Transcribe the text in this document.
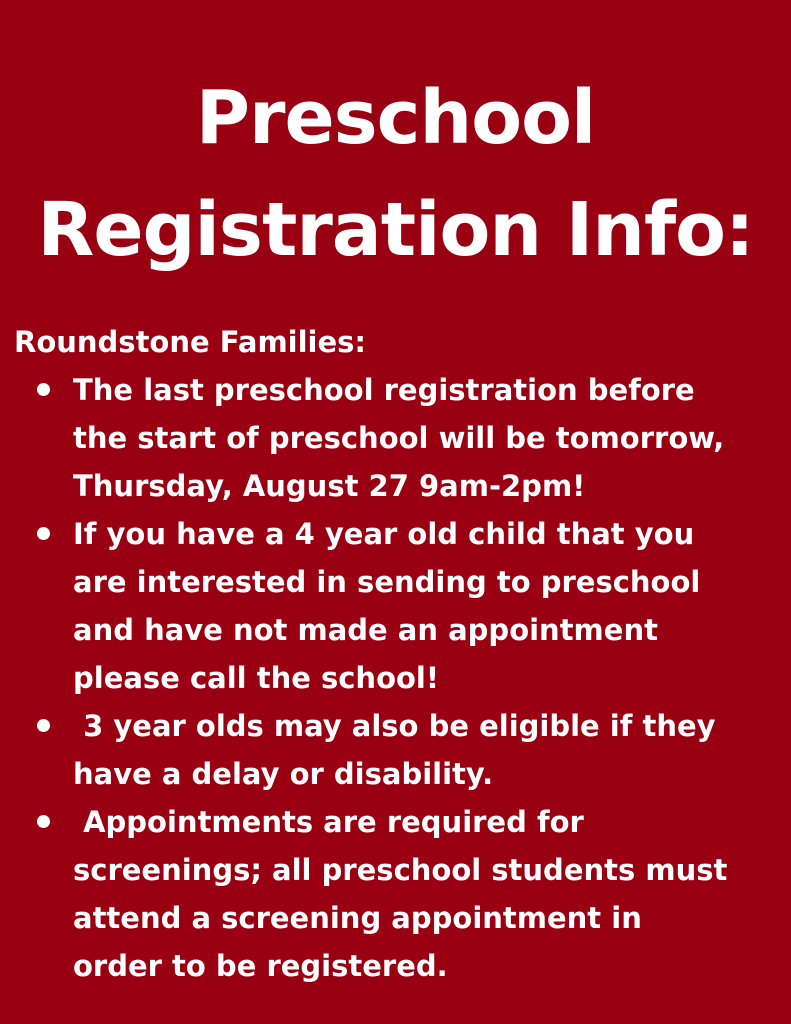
Preschool
Registration Info:
Roundstone Families:
The last preschool registration before
the start of preschool will be tomorrow,
Thursday, August 27 9am-2pm!
If you have a 4 year old child that you
are interested in sending to preschool
and have not made an appointment
please call the school!
3 year olds may also be eligible if they
have a delay or disability.
Appointments are required for
screenings; all preschool students must
attend a screening appointment in
order to be registered.
